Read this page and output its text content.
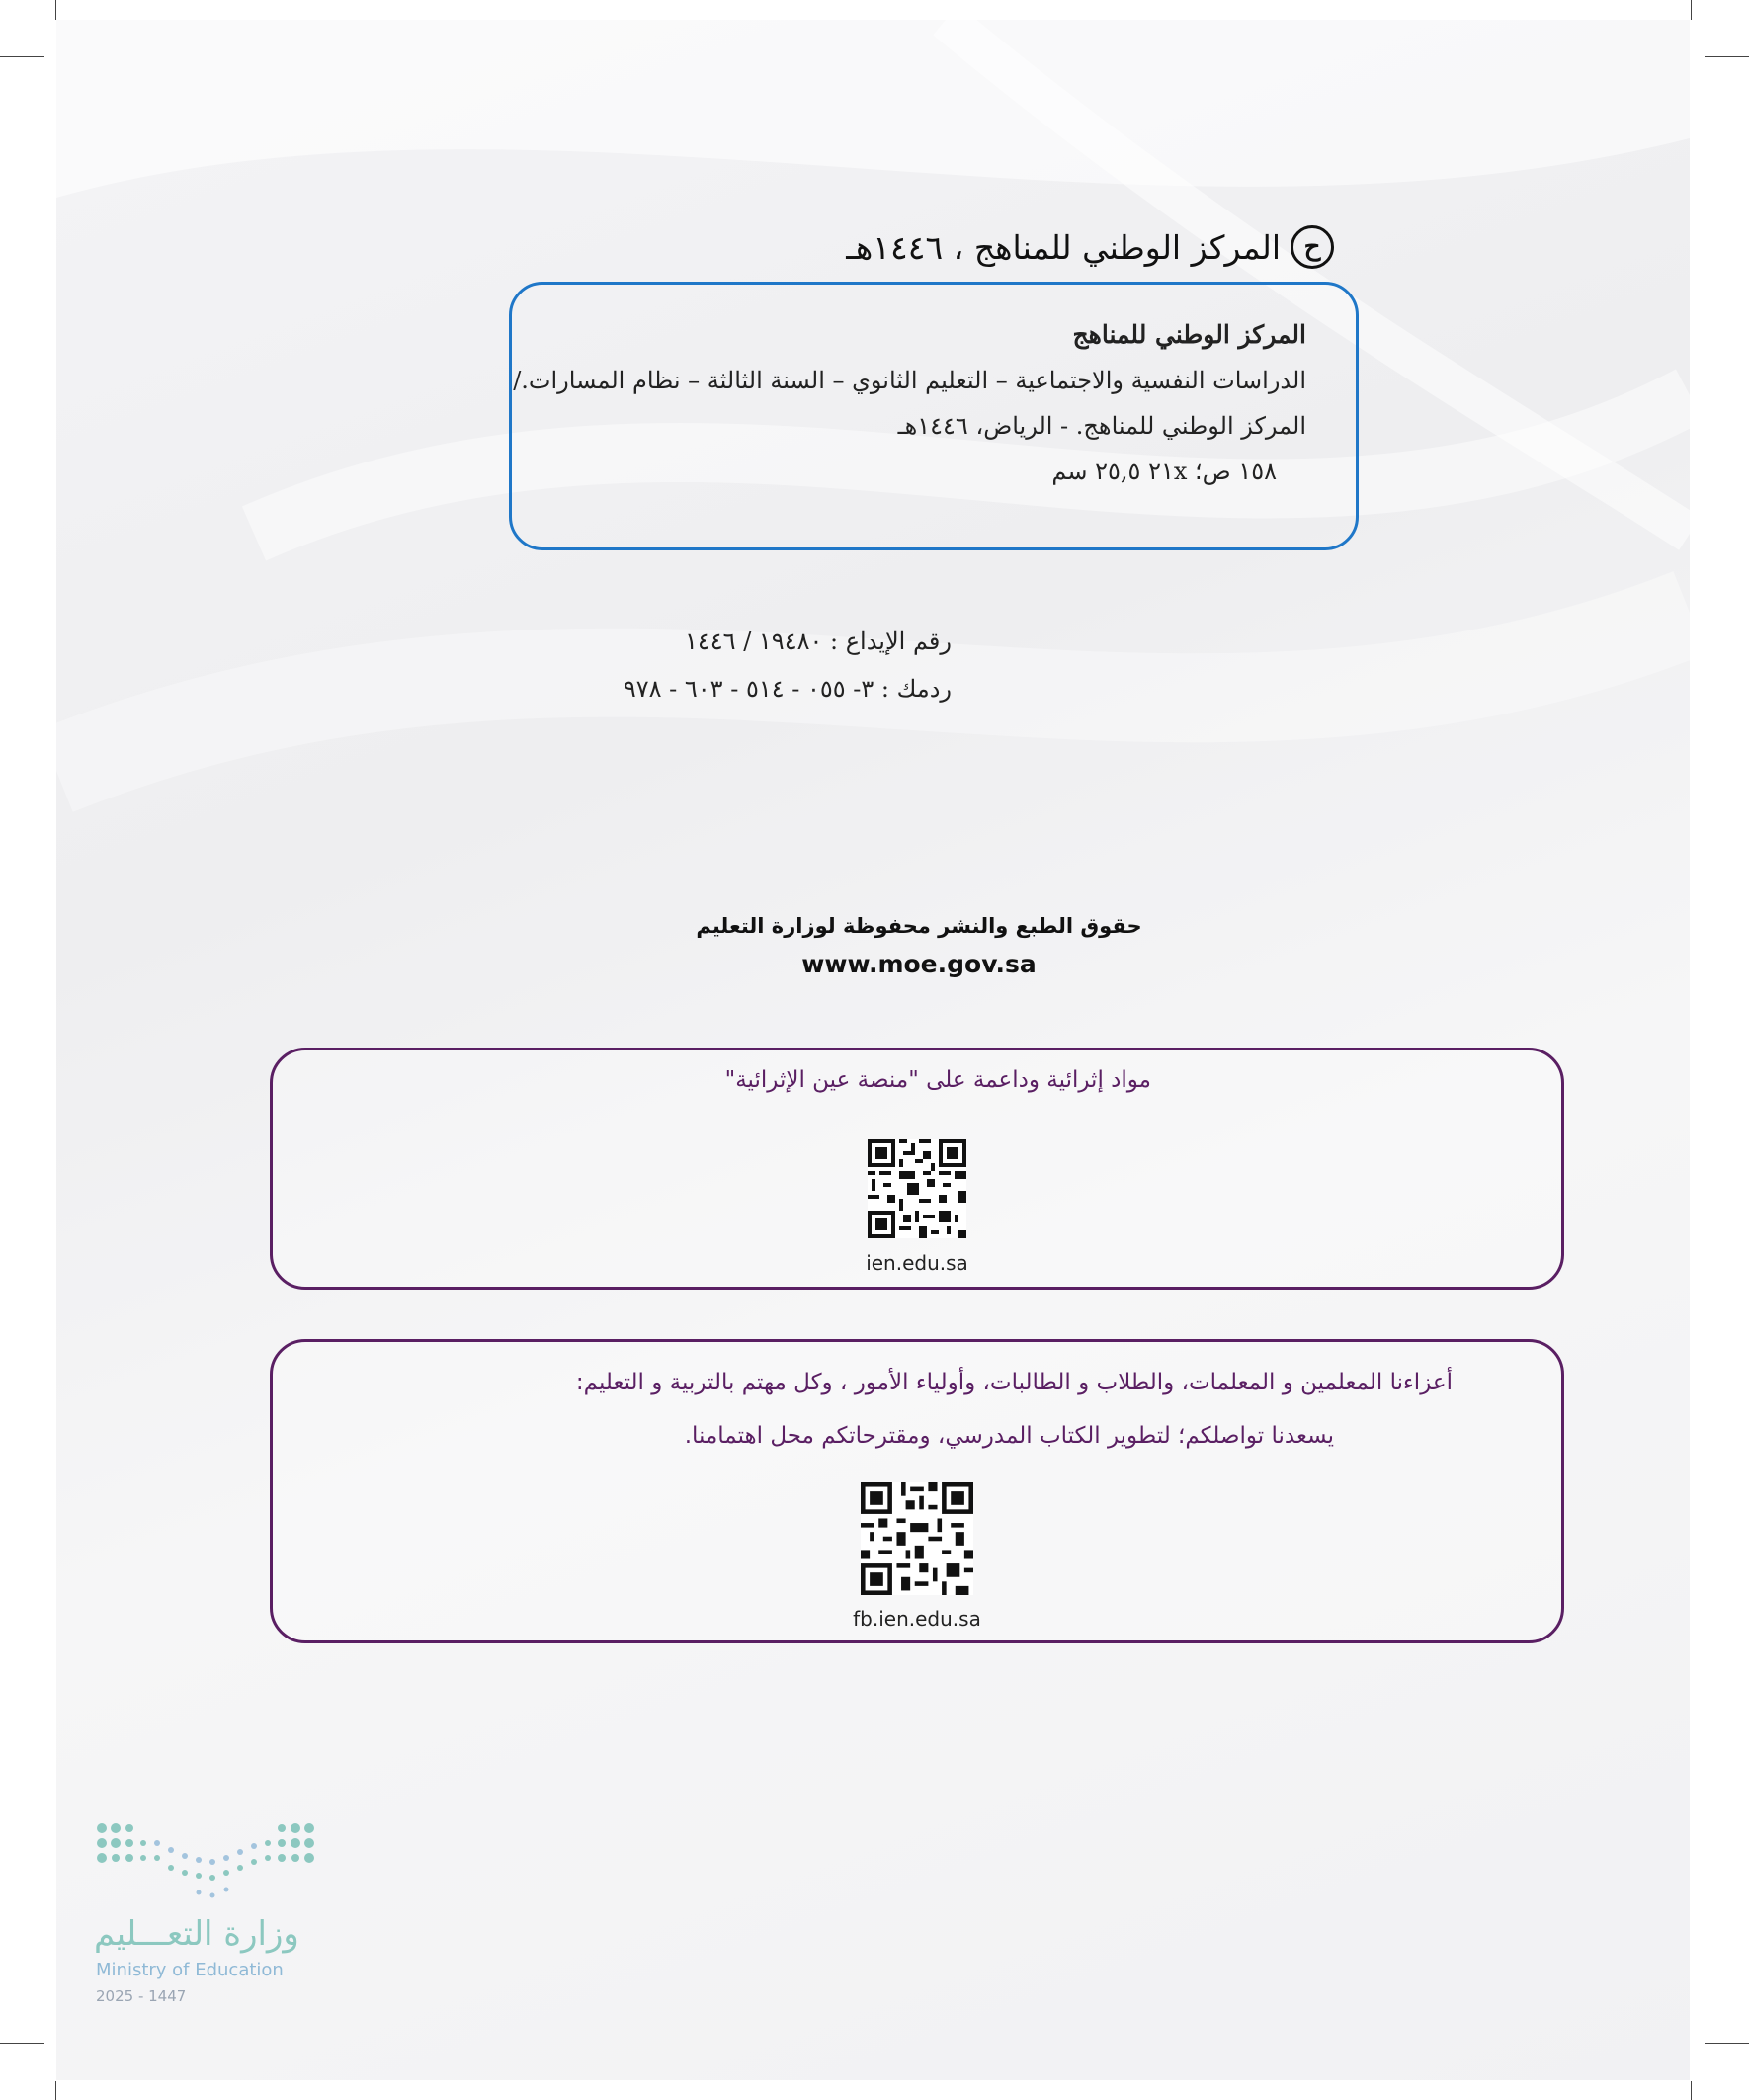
ح
المركز الوطني للمناهج ، ١٤٤٦هـ
المركز الوطني للمناهج
الدراسات النفسية والاجتماعية – التعليم الثانوي – السنة الثالثة – نظام المسارات./
المركز الوطني للمناهج. - الرياض، ١٤٤٦هـ
١٥٨ ص؛ ٢١x ٢٥,٥ سم
رقم الإيداع : ١٩٤٨٠ / ١٤٤٦
ردمك : ٣- ٠٥٥ - ٥١٤ - ٦٠٣ - ٩٧٨
حقوق الطبع والنشر محفوظة لوزارة التعليم
www.moe.gov.sa
مواد إثرائية وداعمة على "منصة عين الإثرائية"
ien.edu.sa
أعزاءنا المعلمين و المعلمات، والطلاب و الطالبات، وأولياء الأمور ، وكل مهتم بالتربية و التعليم:
يسعدنا تواصلكم؛ لتطوير الكتاب المدرسي، ومقترحاتكم محل اهتمامنا.
fb.ien.edu.sa
وزارة التعـــليم
Ministry of Education
2025 - 1447
